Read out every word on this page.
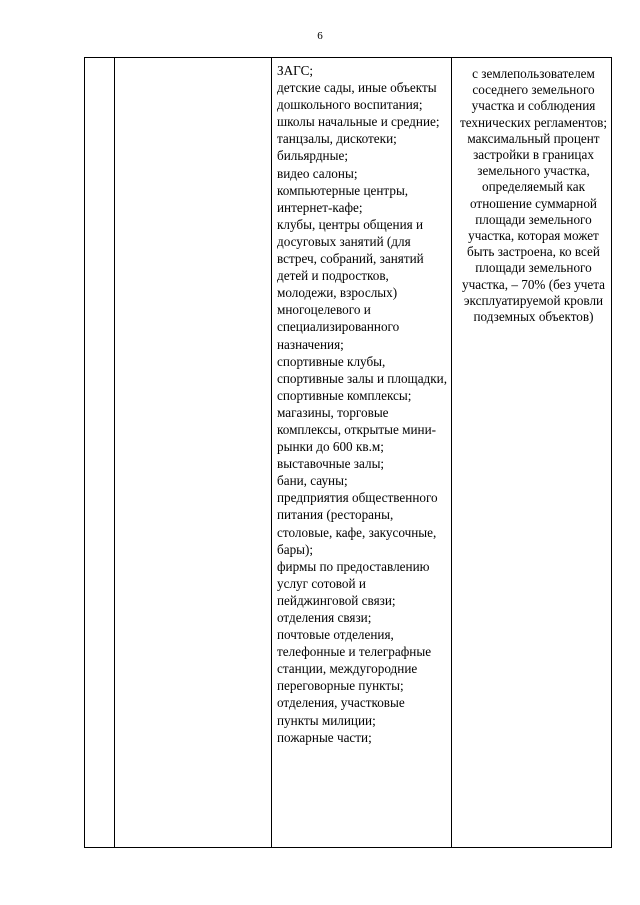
6
ЗАГС;
детские сады, иные объекты дошкольного воспитания;
школы начальные и средние;
танцзалы, дискотеки;
бильярдные;
видео салоны;
компьютерные центры, интернет-кафе;
клубы, центры общения и досуговых занятий (для встреч, собраний, занятий детей и подростков, молодежи, взрослых) многоцелевого и специализированного назначения;
спортивные клубы, спортивные залы и площадки, спортивные комплексы;
магазины, торговые комплексы, открытые мини-рынки до 600 кв.м;
выставочные залы;
бани, сауны;
предприятия общественного питания (рестораны, столовые, кафе, закусочные, бары);
фирмы по предоставлению услуг сотовой и пейджинговой связи;
отделения связи;
почтовые отделения, телефонные и телеграфные станции, междугородние переговорные пункты;
отделения, участковые пункты милиции;
пожарные части;
с землепользователем соседнего земельного участка и соблюдения технических регламентов;
максимальный процент застройки в границах земельного участка, определяемый как отношение суммарной площади земельного участка, которая может быть застроена, ко всей площади земельного участка, – 70% (без учета эксплуатируемой кровли подземных объектов)
